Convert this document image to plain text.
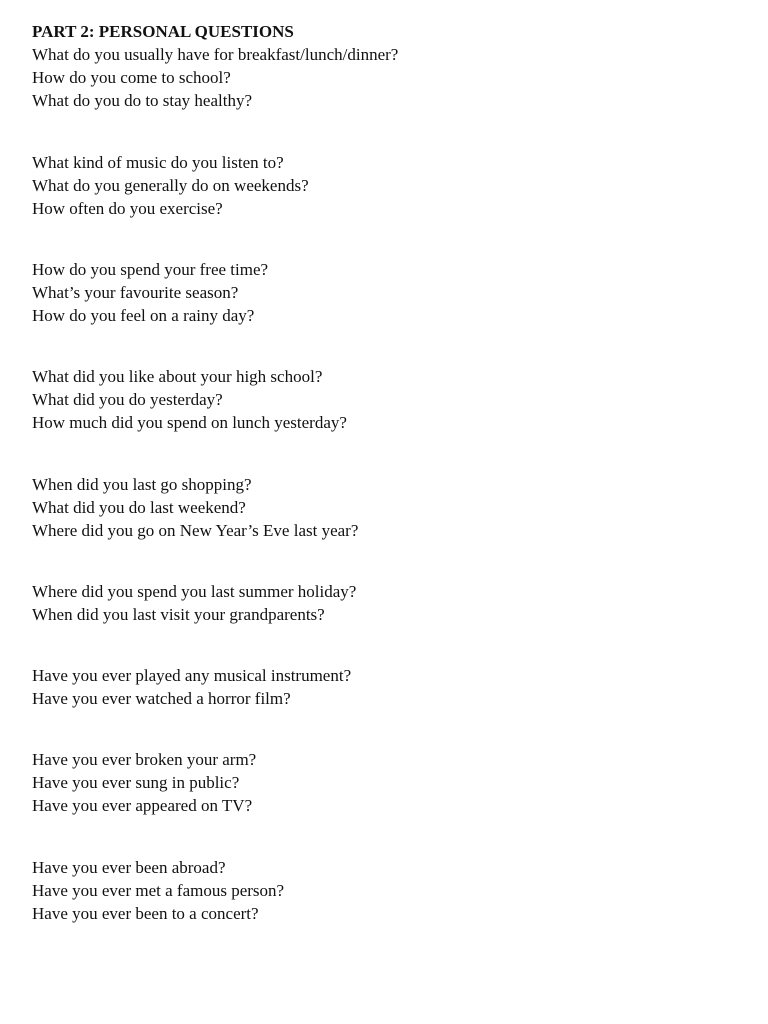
PART 2: PERSONAL QUESTIONS
What do you usually have for breakfast/lunch/dinner?
How do you come to school?
What do you do to stay healthy?
What kind of music do you listen to?
What do you generally do on weekends?
How often do you exercise?
How do you spend your free time?
What’s your favourite season?
How do you feel on a rainy day?
What did you like about your high school?
What did you do yesterday?
How much did you spend on lunch yesterday?
When did you last go shopping?
What did you do last weekend?
Where did you go on New Year’s Eve last year?
Where did you spend you last summer holiday?
When did you last visit your grandparents?
Have you ever played any musical instrument?
Have you ever watched a horror film?
Have you ever broken your arm?
Have you ever sung in public?
Have you ever appeared on TV?
Have you ever been abroad?
Have you ever met a famous person?
Have you ever been to a concert?
